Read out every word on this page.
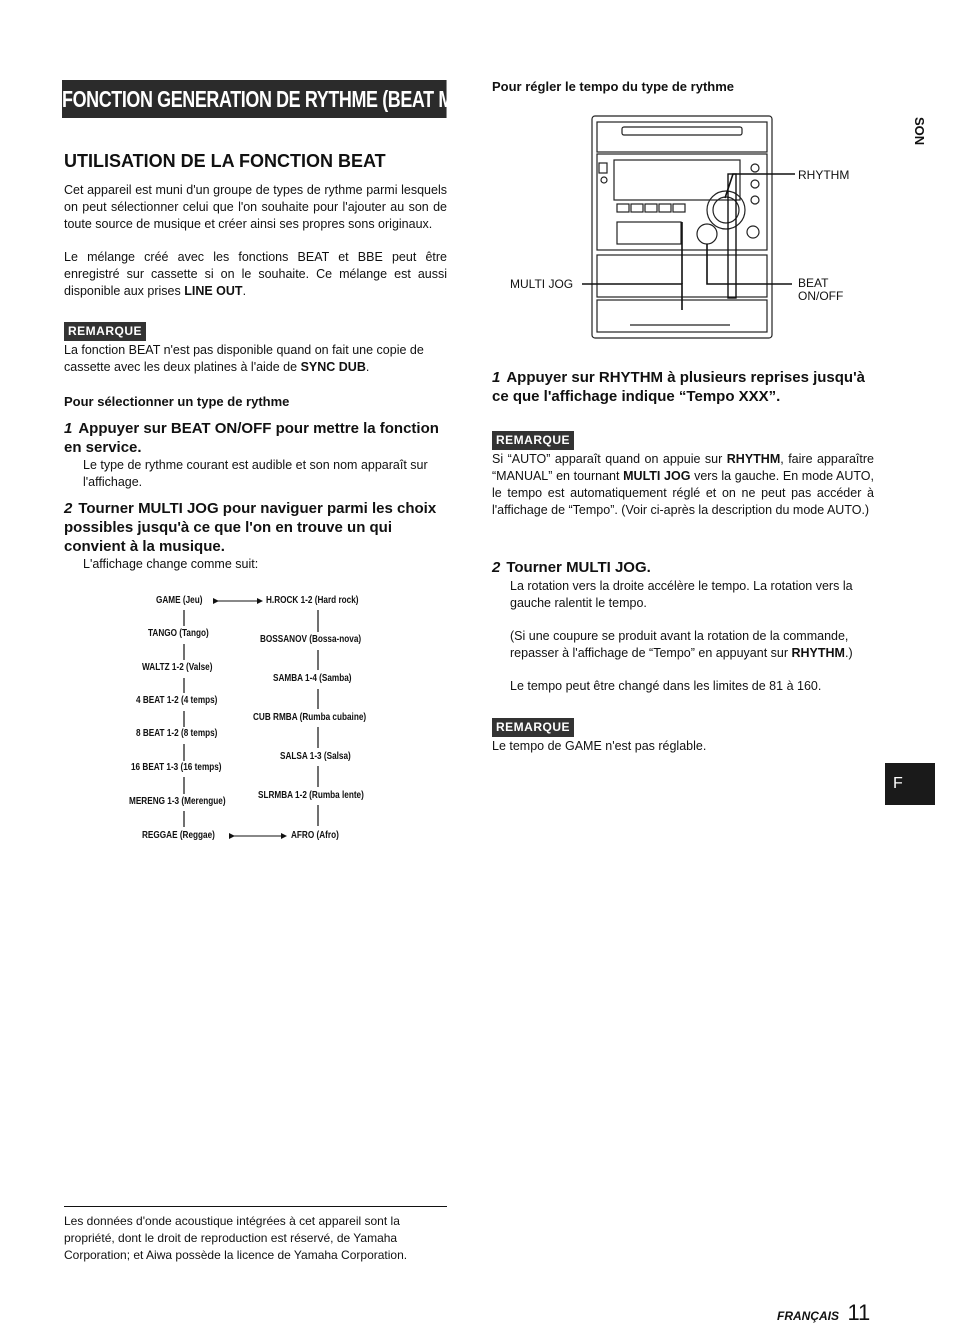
FONCTION GENERATION DE RYTHME (BEAT MASTER DX)
SON
F
UTILISATION DE LA FONCTION BEAT
Cet appareil est muni d'un groupe de types de rythme parmi lesquels on peut sélectionner celui que l'on souhaite pour l'ajouter au son de toute source de musique et créer ainsi ses propres sons originaux.
Le mélange créé avec les fonctions BEAT et BBE peut être enregistré sur cassette si on le souhaite. Ce mélange est aussi disponible aux prises LINE OUT.
REMARQUE
La fonction BEAT n'est pas disponible quand on fait une copie de cassette avec les deux platines à l'aide de SYNC DUB.
Pour sélectionner un type de rythme
1 Appuyer sur BEAT ON/OFF pour mettre la fonction en service.
Le type de rythme courant est audible et son nom apparaît sur l'affichage.
2 Tourner MULTI JOG pour naviguer parmi les choix possibles jusqu'à ce que l'on en trouve un qui convient à la musique.
L'affichage change comme suit:
GAME (Jeu)
TANGO (Tango)
WALTZ 1-2 (Valse)
4 BEAT 1-2 (4 temps)
8 BEAT 1-2 (8 temps)
16 BEAT 1-3 (16 temps)
MERENG 1-3 (Merengue)
REGGAE (Reggae)
H.ROCK 1-2 (Hard rock)
BOSSANOV (Bossa-nova)
SAMBA 1-4 (Samba)
CUB RMBA (Rumba cubaine)
SALSA 1-3 (Salsa)
SLRMBA 1-2 (Rumba lente)
AFRO (Afro)
Les données d'onde acoustique intégrées à cet appareil sont la propriété, dont le droit de reproduction est réservé, de Yamaha Corporation; et Aiwa possède la licence de Yamaha Corporation.
Pour régler le tempo du type de rythme
RHYTHM
MULTI JOG	BEAT
ON/OFF
1 Appuyer sur RHYTHM à plusieurs reprises jusqu'à ce que l'affichage indique “Tempo XXX”.
REMARQUE
Si “AUTO” apparaît quand on appuie sur RHYTHM, faire apparaître “MANUAL” en tournant MULTI JOG vers la gauche. En mode AUTO, le tempo est automatiquement réglé et on ne peut pas accéder à l'affichage de “Tempo”. (Voir ci-après la description du mode AUTO.)
2 Tourner MULTI JOG.
La rotation vers la droite accélère le tempo. La rotation vers la gauche ralentit le tempo.
(Si une coupure se produit avant la rotation de la commande, repasser à l'affichage de “Tempo” en appuyant sur RHYTHM.)
Le tempo peut être changé dans les limites de 81 à 160.
REMARQUE
Le tempo de GAME n'est pas réglable.
FRANÇAIS 11
